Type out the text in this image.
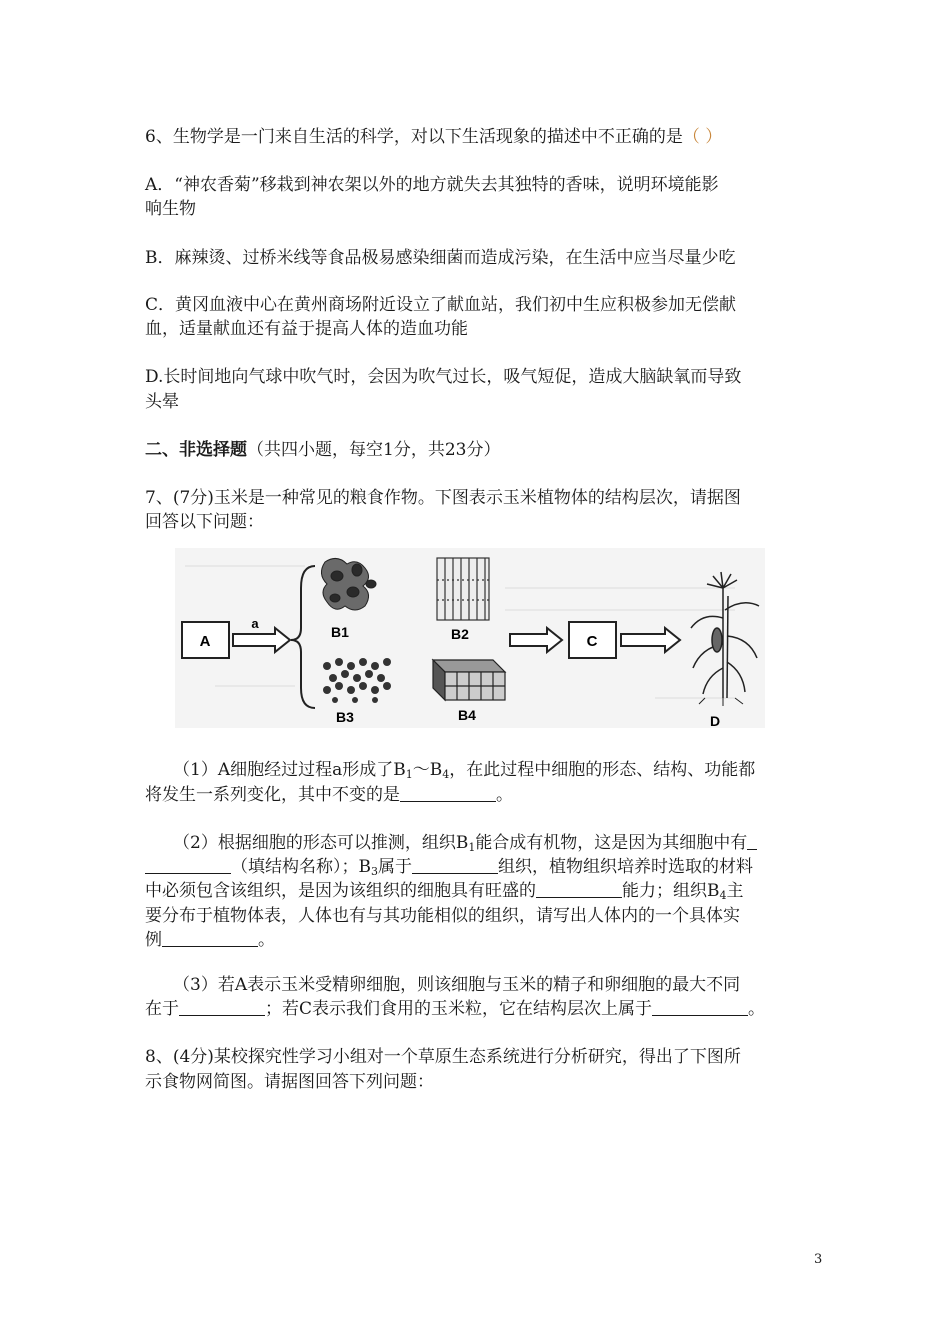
6、生物学是一门来自生活的科学，对以下生活现象的描述中不正确的是（ ）
A．“神农香菊”移栽到神农架以外的地方就失去其独特的香味，说明环境能影
响生物
B．麻辣烫、过桥米线等食品极易感染细菌而造成污染，在生活中应当尽量少吃
C．黄冈血液中心在黄州商场附近设立了献血站，我们初中生应积极参加无偿献
血，适量献血还有益于提高人体的造血功能
D.长时间地向气球中吹气时，会因为吹气过长，吸气短促，造成大脑缺氧而导致
头晕
二、非选择题（共四小题，每空1分，共23分）
7、(7分)玉米是一种常见的粮食作物。下图表示玉米植物体的结构层次，请据图
回答以下问题：
A
a
B1	B2	C
B3	B4	D
（1）A细胞经过过程a形成了$B_1\sim B_4$，在此过程中细胞的形态、结构、功能都
将发生一系列变化，其中不变的是	。
（2）根据细胞的形态可以推测，组织$B_1$能合成有机物，这是因为其细胞中有
（填结构名称）；$B_3$属于	组织，植物组织培养时选取的材料
中必须包含该组织，是因为该组织的细胞具有旺盛的	能力；组织$B_4$主
要分布于植物体表，人体也有与其功能相似的组织，请写出人体内的一个具体实
例	。
（3）若A表示玉米受精卵细胞，则该细胞与玉米的精子和卵细胞的最大不同
在于	；若C表示我们食用的玉米粒，它在结构层次上属于	。
8、(4分)某校探究性学习小组对一个草原生态系统进行分析研究，得出了下图所
示食物网简图。请据图回答下列问题：
3
